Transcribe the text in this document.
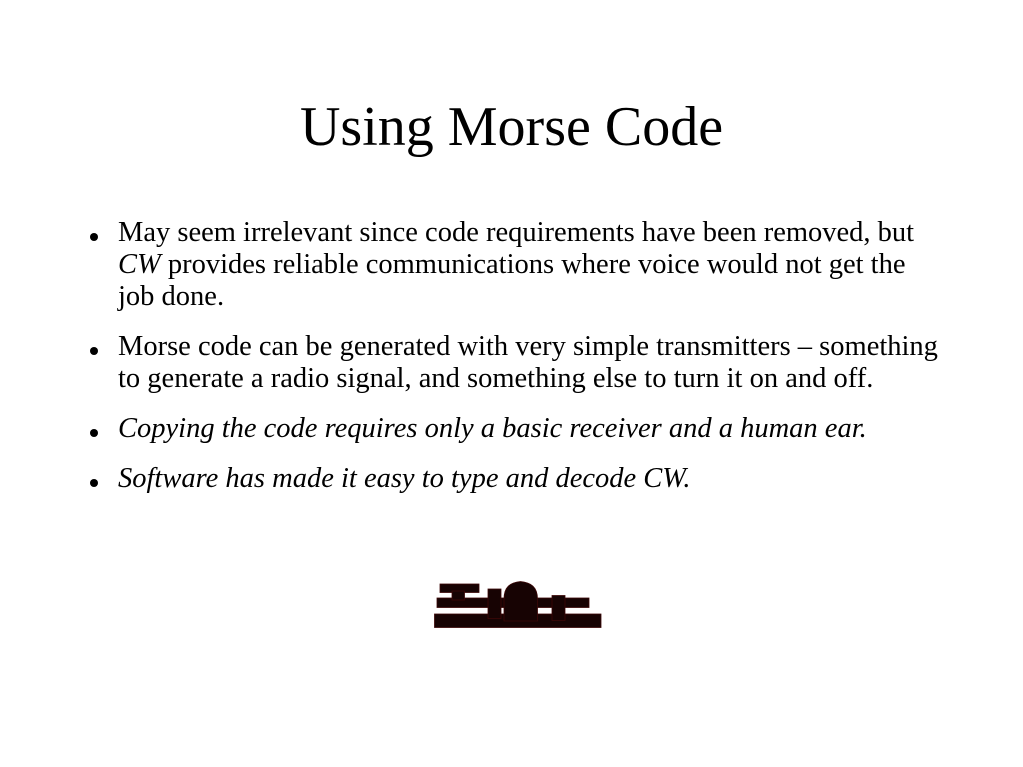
Using Morse Code
May seem irrelevant since code requirements have been removed, but CW provides reliable communications where voice would not get the job done.
Morse code can be generated with very simple transmitters – something to generate a radio signal, and something else to turn it on and off.
Copying the code requires only a basic receiver and a human ear.
Software has made it easy to type and decode CW.
